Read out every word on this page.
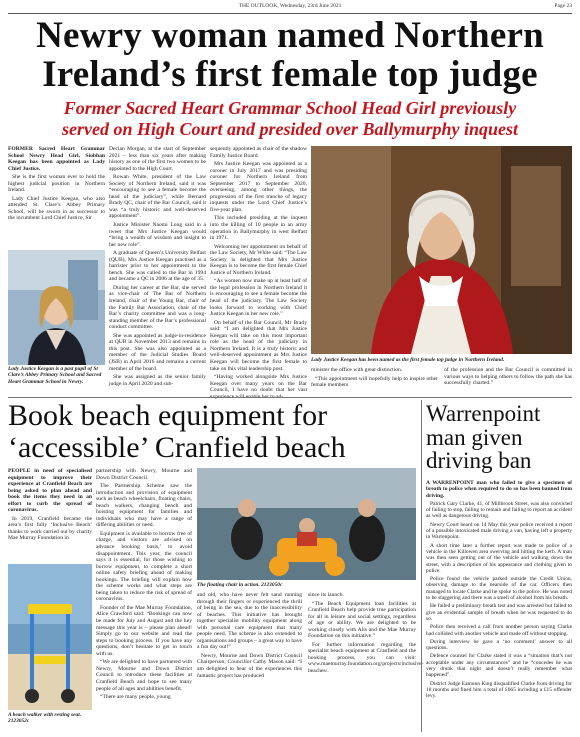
THE OUTLOOK, Wednesday, 23rd June 2021	Page 23
Newry woman named Northern
Ireland’s first female top judge
Former Sacred Heart Grammar School Head Girl previously
served on High Court and presided over Ballymurphy inquest

FORMER Sacred Heart Grammar School Newry Head Girl, Siobhan Keegan has been appointed as Lady Chief Justice.

She is the first woman ever to hold the highest judicial position in Northern Ireland.

Lady Chief Justice Keegan, who also attended St. Clare’s Abbey Primary School, will be sworn in as successor to the incumbent Lord Chief Justice, Sir

Lady Justice Keegan is a past pupil of St Clare’s Abbey Primary School and Sacred Heart Grammar School in Newry.

Declan Morgan, at the start of September 2021 – less than six years after making history as one of the first two women to be appointed to the High Court.

Rowan White, president of the Law Society of Northern Ireland, said it was “encouraging to see a female become the head of the judiciary”, while Bernard Brady QC, chair of the Bar Council, said it was “a truly historic and well-deserved appointment”.

Justice Minister Naomi Long said in a tweet that Mrs Justice Keegan would “bring a wealth of wisdom and insight to her new role”.

A graduate of Queen’s University Belfast (QUB), Mrs Justice Keegan practised as a barrister prior to her appointment to the bench. She was called to the Bar in 1994 and became a QC in 2006 at the age of 35.

During her career at the Bar, she served as vice-chair of The Bar of Northern Ireland, chair of the Young Bar, chair of the Family Bar Association, chair of the Bar’s charity committee and was a long-standing member of the Bar’s professional conduct committee.

She was appointed as judge-in-residence at QUB in November 2013 and remains in this post. She was also appointed as a member of the Judicial Studies Board (JSB) in April 2016 and remains a current member of the board.

She was assigned as the senior family judge in April 2020 and sub-

sequently appointed as chair of the shadow Family Justice Board.

Mrs Justice Keegan was appointed as a coroner in July 2017 and was presiding coroner for Northern Ireland from September 2017 to September 2020, overseeing, among other things, the progression of the first tranche of legacy inquests under the Lord Chief Justice’s five-year plan.

This included presiding at the inquest into the killing of 10 people in an army operation in Ballymurphy in west Belfast in 1971.

Welcoming her appointment on behalf of the Law Society, Mr White said: “The Law Society is delighted that Mrs Justice Keegan is to become the first female Chief Justice of Northern Ireland.

“As women now make up at least half of the legal profession in Northern Ireland it is encouraging to see a female become the head of the judiciary. The Law Society looks forward to working with Chief Justice Keegan in her new role.”

On behalf of the Bar Council, Mr Brady said: “I am delighted that Mrs Justice Keegan will take on this most important role as the head of the judiciary in Northern Ireland. It is a truly historic and well-deserved appointment as Mrs Justice Keegan will become the first female to take on this vital leadership post.

“Having worked alongside Mrs Justice Keegan over many years on the Bar Council, I have no doubt that her vast experience will enable her to ad-

Lady Justice Keegan has been named as the first female top judge in Northern Ireland.

minister the office with great distinction.

“This appointment will hopefully help to inspire other female members

of the profession and the Bar Council is committed in various ways to helping others to follow the path she has successfully charted.”

Book beach equipment for
‘accessible’ Cranfield beach

PEOPLE in need of specialised equipment to improve their experience at Cranfield Beach are being asked to plan ahead and book the items they need in an effort to curb the spread of coronavirus.

In 2019, Cranfield became the area’s first fully ‘Inclusive Beach’ thanks to work carried out by charity Mae Murray Foundation in

A beach walker with resting seat. 2123052c

partnership with Newry, Mourne and Down District Council.

The Partnership Scheme saw the introduction and provision of equipment such as beach wheelchairs, floating chairs, beach walkers, changing bench and hoisting equipment for families and individuals who may have a range of differing abilities or need.

Equipment is available to borrow free of charge, and visitors are advised on advance booking basis,’ to avoid disappointment. This year, the council says it is essential, for those wishing to borrow equipment, to complete a short online safety briefing ahead of making bookings. The briefing will explain how the scheme works and what steps are being taken to reduce the risk of spread of coronavirus.

Founder of the Mae Murray Foundation, Alice Crawford said: “Bookings can now be made for July and August and the key message this year is – please plan ahead! Simply go to our website and read the steps to booking process. If you have any questions, don’t hesitate to get in touch with us.

“We are delighted to have partnered with Newry, Mourne and Down District Council to introduce these facilities at Cranfield Beach and hope to see many people of all ages and abilities benefit.

“There are many people, young

The floating chair in action. 2123050c

and old, who have never felt sand running through their fingers or experienced the thrill of being in the sea, due to the inaccessibility of beaches. This initiative has brought together specialist mobility equipment along with personal care equipment that many people need. The scheme is also extended to organisations and groups – a great way to have a fun day out!”

Newry, Mourne and Down District Council Chairperson, Councillor Cathy Mason said: “I am delighted to hear of the experiences this fantastic project has produced

since its launch.

“The Beach Equipment loan facilities at Cranfield Beach help provide true participation for all in leisure and social settings, regardless of age or ability. We are delighted to be working closely with Alis and the Mae Murray Foundation on this initiative.”

For further information regarding the specialist beach equipment at Cranfield and the booking process, you can visit: www.maemurray.foundation.org/projects/inclusive-beaches/.

Warrenpoint
man given
driving ban

A WARRENPOINT man who failed to give a specimen of breath to police when required to do so has been banned from driving.

Patrick Gary Clarke, 41, of Millbrook Street, was also convicted of failing to stop, failing to remain and failing to report an accident as well as dangerous driving.

Newry Court heard on 14 May this year police received a report of a possible intoxicated male driving a van, having left a property in Warrenpoint.

A short time later a further report was made to police of a vehicle in the Killowen area swerving and hitting the kerb. A man was then seen getting out of the vehicle and walking down the street, with a description of his appearance and clothing given to police.

Police found the vehicle parked outside the Credit Union, observing damage to the nearside of the car. Officers then managed to locate Clarke and he spoke to the police. He was noted to be staggering and there was a smell of alcohol from his breath.

He failed a preliminary breath test and was arrested but failed to give an evidential sample of breath when he was requested to do so.

Police then received a call from another person saying Clarke had collided with another vehicle and made off without stopping.

During interview he gave a ‘no comment’ answer to all questions.

Defence counsel for Clarke stated it was a “situation that’s not acceptable under any circumstances” and he “concedes he was very drunk that night and doesn’t really remember what happened”.

District Judge Eamonn King disqualified Clarke from driving for 18 months and fined him a total of £665 including a £15 offender levy.
